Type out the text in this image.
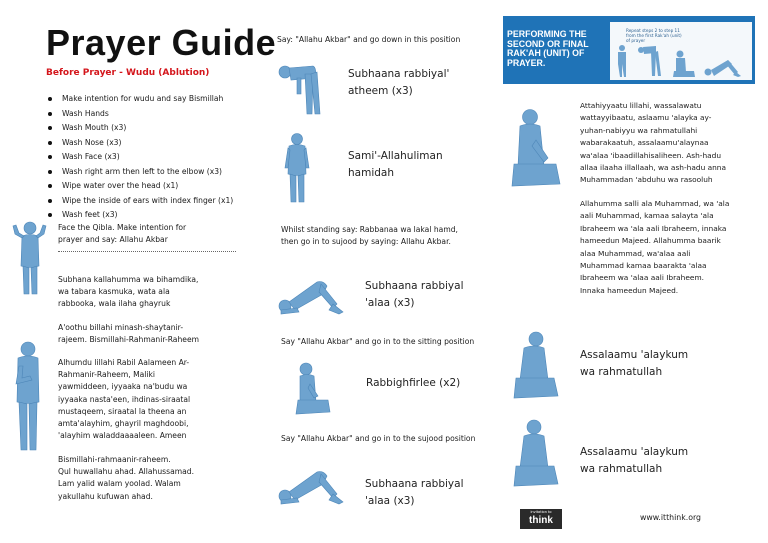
Prayer Guide
Before Prayer - Wudu (Ablution)
Make intention for wudu and say Bismillah
Wash Hands
Wash Mouth (x3)
Wash Nose (x3)
Wash Face (x3)
Wash right arm then left to the elbow (x3)
Wipe water over the head (x1)
Wipe the inside of ears with index finger (x1)
Wash feet (x3)
Face the Qibla. Make intention for
prayer and say: Allahu Akbar
Subhana kallahumma wa bihamdika,
wa tabara kasmuka, wata ala
rabbooka, wala ilaha ghayruk
A'oothu billahi minash-shaytanir-
rajeem. Bismillahi-Rahmanir-Raheem
Alhumdu lillahi Rabil Aalameen Ar-
Rahmanir-Raheem, Maliki
yawmiddeen, iyyaaka na'budu wa
iyyaaka nasta'een, ihdinas-siraatal
mustaqeem, siraatal la theena an
amta'alayhim, ghayril maghdoobi,
'alayhim waladdaaaaleen. Ameen
Bismillahi-rahmaanir-raheem.
Qul huwallahu ahad. Allahussamad.
Lam yalid walam yoolad. Walam
yakullahu kufuwan ahad.
Say: "Allahu Akbar" and go down in this position
Subhaana rabbiyal'
atheem (x3)
Sami'-Allahuliman
hamidah
Whilst standing say: Rabbanaa wa lakal hamd,
then go in to sujood by saying: Allahu Akbar.
Subhaana rabbiyal
'alaa (x3)
Say "Allahu Akbar" and go in to the sitting position
Rabbighfirlee (x2)
Say "Allahu Akbar" and go in to the sujood position
Subhaana rabbiyal
'alaa (x3)
PERFORMING THE
SECOND OR FINAL
RAK'AH (UNIT) OF
PRAYER.
Repeat steps 2 to step 11
from the first Rak'ah (unit)
of prayer
Attahiyyaatu lillahi, wassalawatu
wattayyibaatu, aslaamu 'alayka ay-
yuhan-nabiyyu wa rahmatullahi
wabarakaatuh, assalaamu'alaynaa
wa'alaa 'ibaadillahisaliheen. Ash-hadu
allaa ilaaha illallaah, wa ash-hadu anna
Muhammadan 'abduhu wa rasooluh
Allahumma salli ala Muhammad, wa 'ala
aali Muhammad, kamaa salayta 'ala
Ibraheem wa 'ala aali Ibraheem, innaka
hameedun Majeed. Allahumma baarik
alaa Muhammad, wa'alaa aali
Muhammad kamaa baarakta 'alaa
Ibraheem wa 'alaa aali Ibraheem.
Innaka hameedun Majeed.
Assalaamu 'alaykum
wa rahmatullah
Assalaamu 'alaykum
wa rahmatullah
invitation to
think	www.itthink.org
